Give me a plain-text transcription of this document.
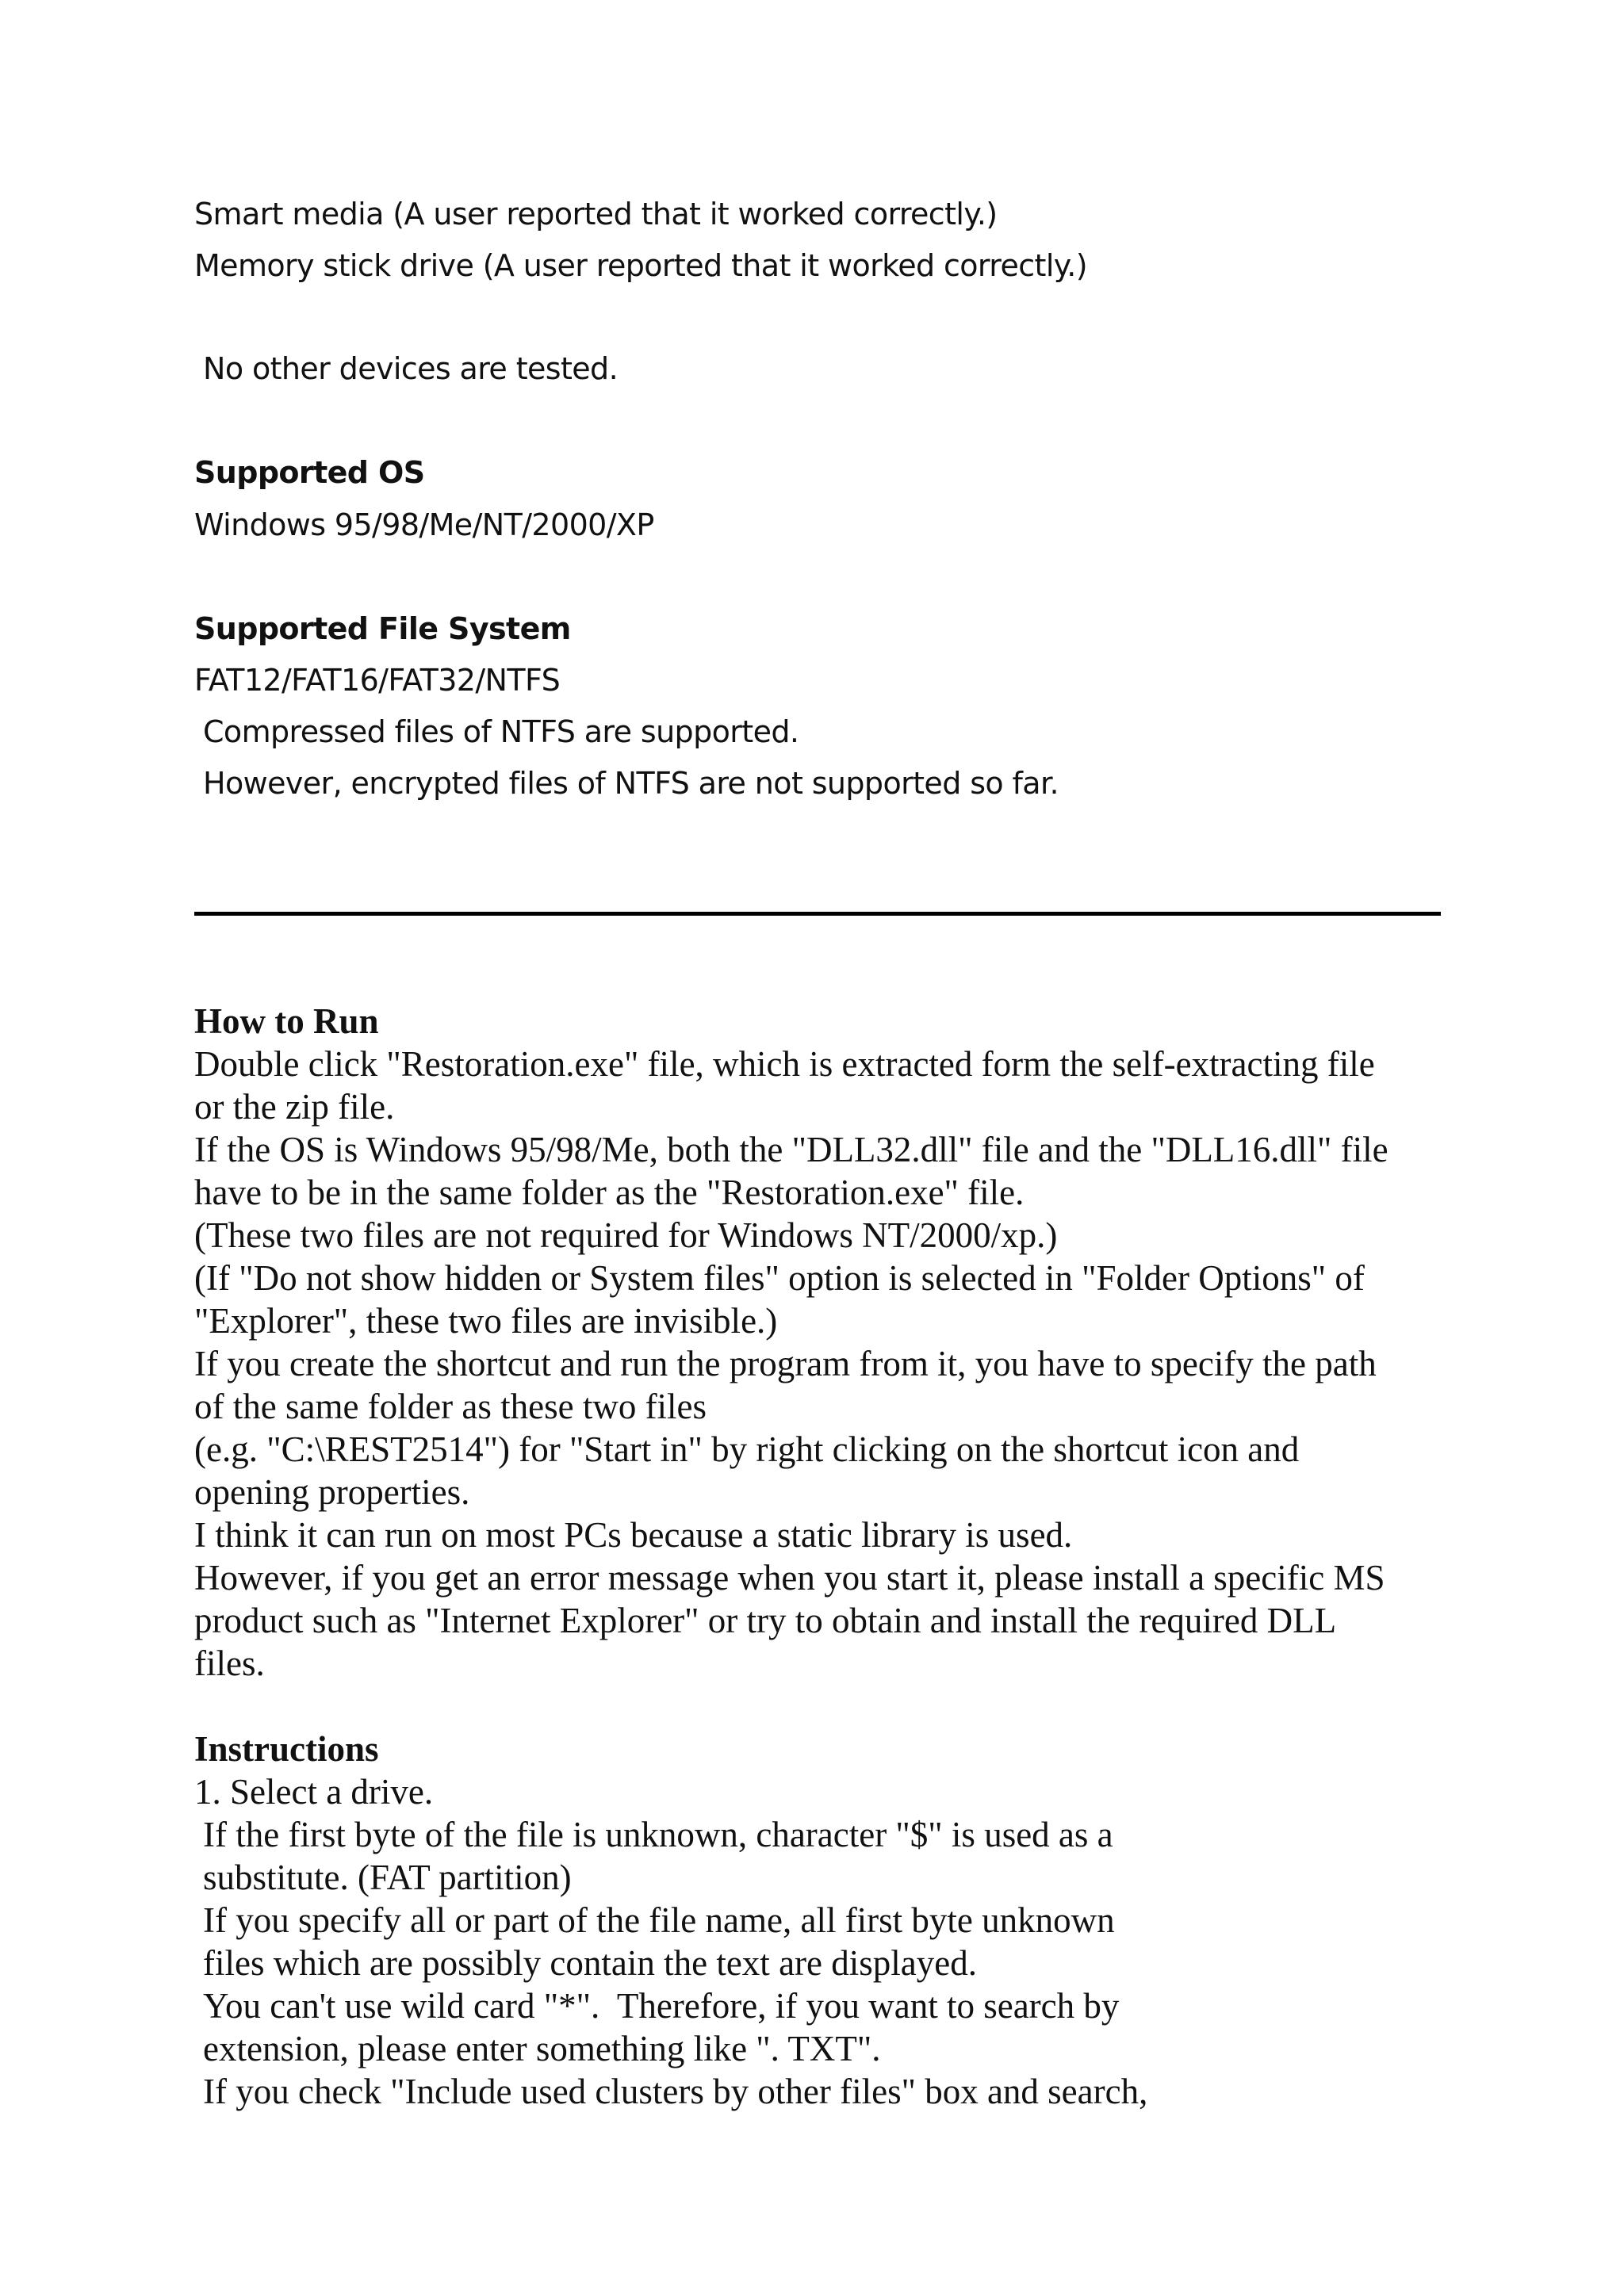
Smart media (A user reported that it worked correctly.)

Memory stick drive (A user reported that it worked correctly.)

No other devices are tested.

Supported OS

Windows 95/98/Me/NT/2000/XP

Supported File System

FAT12/FAT16/FAT32/NTFS

Compressed files of NTFS are supported.

However, encrypted files of NTFS are not supported so far.

How to Run

Double click "Restoration.exe" file, which is extracted form the self-extracting file

or the zip file.

If the OS is Windows 95/98/Me, both the "DLL32.dll" file and the "DLL16.dll" file

have to be in the same folder as the "Restoration.exe" file.

(These two files are not required for Windows NT/2000/xp.)

(If "Do not show hidden or System files" option is selected in "Folder Options" of

"Explorer", these two files are invisible.)

If you create the shortcut and run the program from it, you have to specify the path

of the same folder as these two files

(e.g. "C:\REST2514") for "Start in" by right clicking on the shortcut icon and

opening properties.

I think it can run on most PCs because a static library is used.

However, if you get an error message when you start it, please install a specific MS

product such as "Internet Explorer" or try to obtain and install the required DLL

files.

Instructions

1. Select a drive.

If the first byte of the file is unknown, character "$" is used as a

substitute. (FAT partition)

If you specify all or part of the file name, all first byte unknown

files which are possibly contain the text are displayed.

You can't use wild card "*".  Therefore, if you want to search by

extension, please enter something like ". TXT".

If you check "Include used clusters by other files" box and search,
